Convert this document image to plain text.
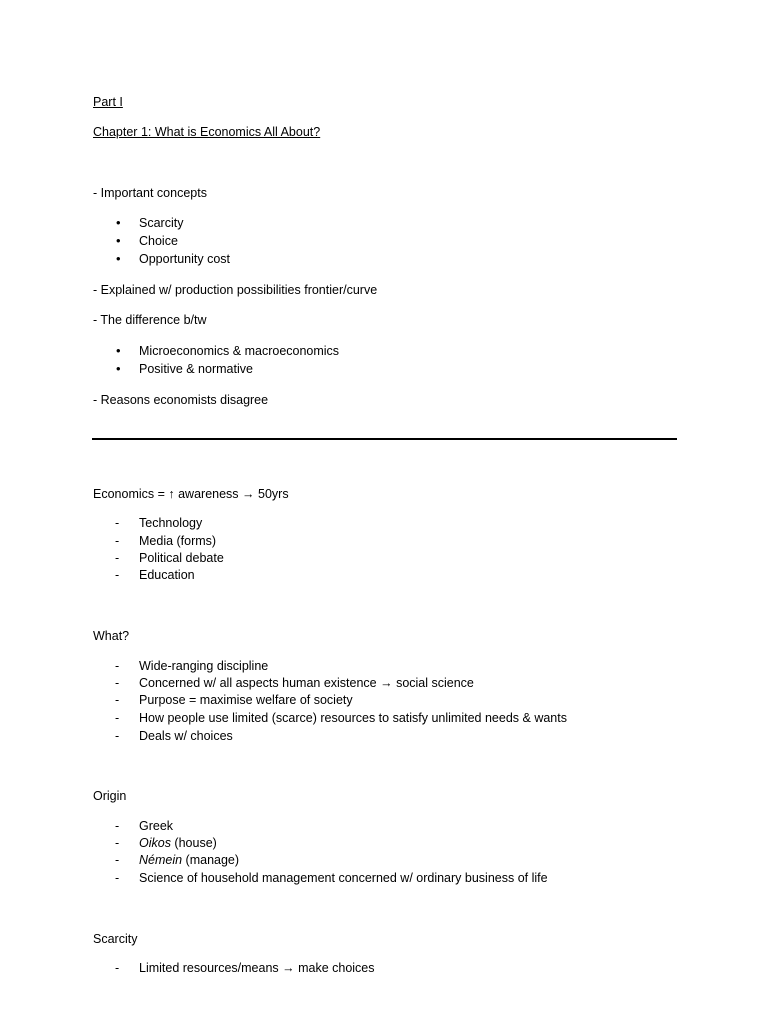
Part I
Chapter 1: What is Economics All About?
- Important concepts
•	Scarcity
•	Choice
•	Opportunity cost
- Explained w/ production possibilities frontier/curve
- The difference b/tw
•	Microeconomics & macroeconomics
•	Positive & normative
- Reasons economists disagree
Economics = ↑ awareness → 50yrs
-	Technology
-	Media (forms)
-	Political debate
-	Education
What?
-	Wide-ranging discipline
-	Concerned w/ all aspects human existence → social science
-	Purpose = maximise welfare of society
-	How people use limited (scarce) resources to satisfy unlimited needs & wants
-	Deals w/ choices
Origin
-	Greek
-	Oikos (house)
-	Némein (manage)
-	Science of household management concerned w/ ordinary business of life
Scarcity
-	Limited resources/means → make choices
